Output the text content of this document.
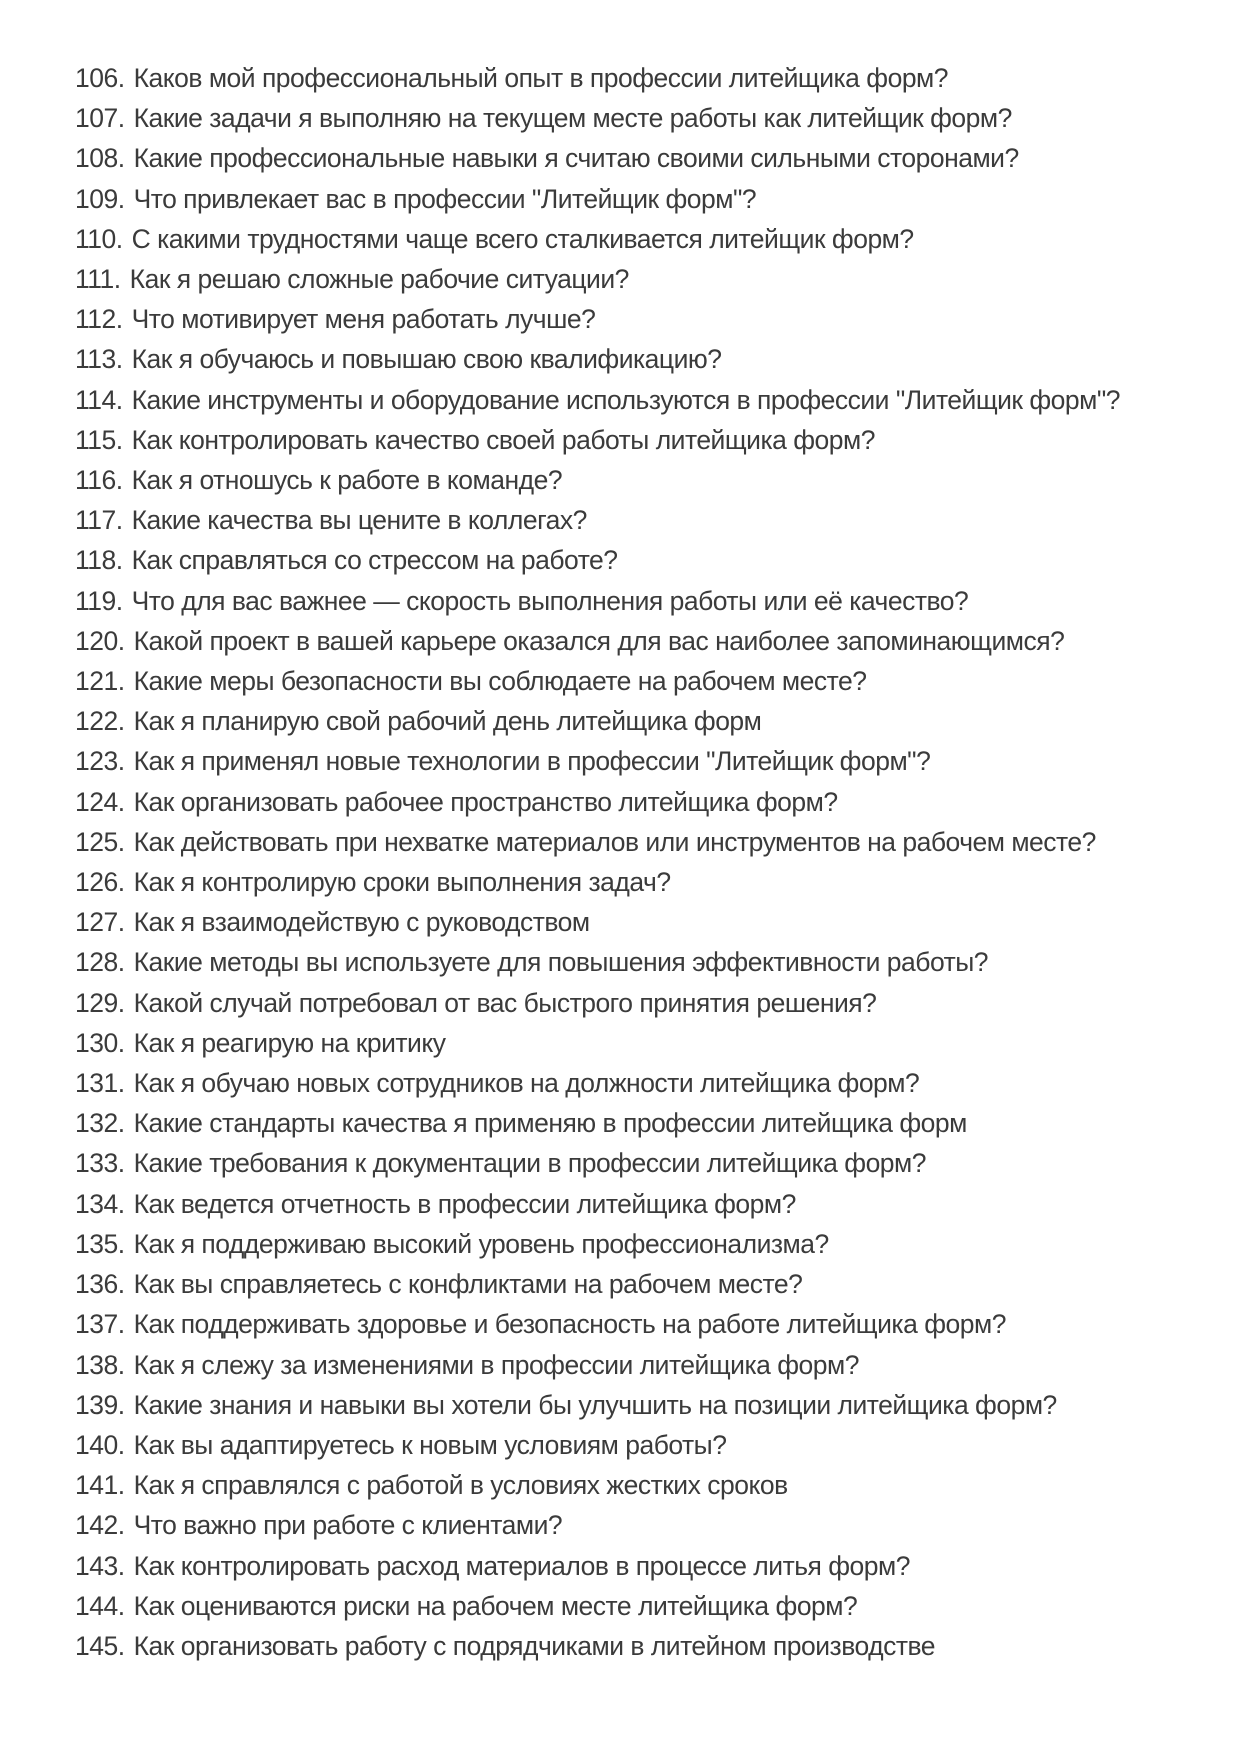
106. Каков мой профессиональный опыт в профессии литейщика форм?
107. Какие задачи я выполняю на текущем месте работы как литейщик форм?
108. Какие профессиональные навыки я считаю своими сильными сторонами?
109. Что привлекает вас в профессии "Литейщик форм"?
110. С какими трудностями чаще всего сталкивается литейщик форм?
111. Как я решаю сложные рабочие ситуации?
112. Что мотивирует меня работать лучше?
113. Как я обучаюсь и повышаю свою квалификацию?
114. Какие инструменты и оборудование используются в профессии "Литейщик форм"?
115. Как контролировать качество своей работы литейщика форм?
116. Как я отношусь к работе в команде?
117. Какие качества вы цените в коллегах?
118. Как справляться со стрессом на работе?
119. Что для вас важнее — скорость выполнения работы или её качество?
120. Какой проект в вашей карьере оказался для вас наиболее запоминающимся?
121. Какие меры безопасности вы соблюдаете на рабочем месте?
122. Как я планирую свой рабочий день литейщика форм
123. Как я применял новые технологии в профессии "Литейщик форм"?
124. Как организовать рабочее пространство литейщика форм?
125. Как действовать при нехватке материалов или инструментов на рабочем месте?
126. Как я контролирую сроки выполнения задач?
127. Как я взаимодействую с руководством
128. Какие методы вы используете для повышения эффективности работы?
129. Какой случай потребовал от вас быстрого принятия решения?
130. Как я реагирую на критику
131. Как я обучаю новых сотрудников на должности литейщика форм?
132. Какие стандарты качества я применяю в профессии литейщика форм
133. Какие требования к документации в профессии литейщика форм?
134. Как ведется отчетность в профессии литейщика форм?
135. Как я поддерживаю высокий уровень профессионализма?
136. Как вы справляетесь с конфликтами на рабочем месте?
137. Как поддерживать здоровье и безопасность на работе литейщика форм?
138. Как я слежу за изменениями в профессии литейщика форм?
139. Какие знания и навыки вы хотели бы улучшить на позиции литейщика форм?
140. Как вы адаптируетесь к новым условиям работы?
141. Как я справлялся с работой в условиях жестких сроков
142. Что важно при работе с клиентами?
143. Как контролировать расход материалов в процессе литья форм?
144. Как оцениваются риски на рабочем месте литейщика форм?
145. Как организовать работу с подрядчиками в литейном производстве
